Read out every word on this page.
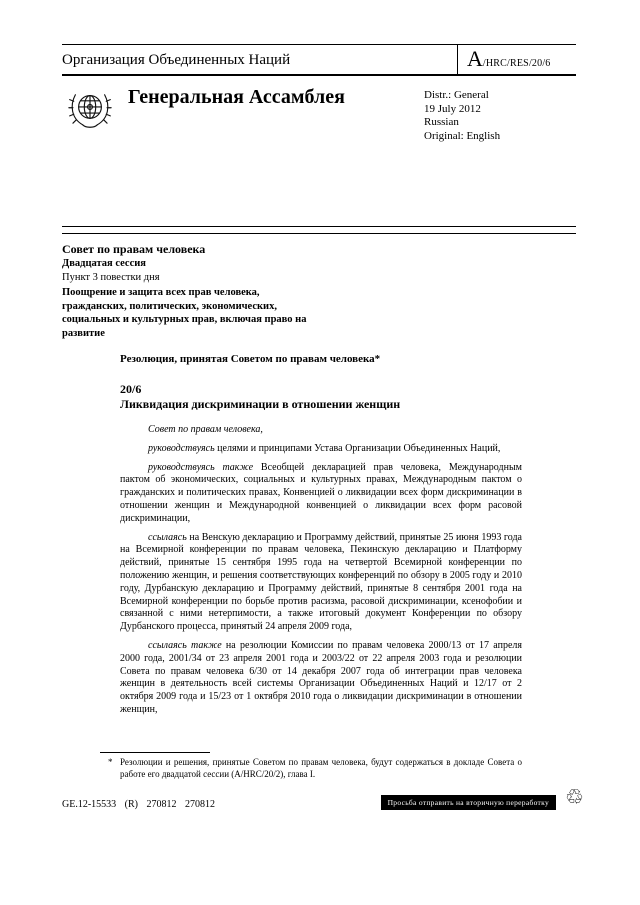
Организация Объединенных Наций	A /HRC/RES/20/6
Генеральная Ассамблея	Distr.: General
19 July 2012
Russian
Original: English
Совет по правам человека
Двадцатая сессия
Пункт 3 повестки дня
Поощрение и защита всех прав человека, гражданских, политических, экономических, социальных и культурных прав, включая право на развитие
Резолюция, принятая Советом по правам человека*
20/6
Ликвидация дискриминации в отношении женщин

Совет по правам человека,

руководствуясь целями и принципами Устава Организации Объединенных Наций,

руководствуясь также Всеобщей декларацией прав человека, Международным пактом об экономических, социальных и культурных правах, Международным пактом о гражданских и политических правах, Конвенцией о ликвидации всех форм дискриминации в отношении женщин и Международной конвенцией о ликвидации всех форм расовой дискриминации,

ссылаясь на Венскую декларацию и Программу действий, принятые 25 июня 1993 года на Всемирной конференции по правам человека, Пекинскую декларацию и Платформу действий, принятые 15 сентября 1995 года на четвертой Всемирной конференции по положению женщин, и решения соответствующих конференций по обзору в 2005 году и 2010 году, Дурбанскую декларацию и Программу действий, принятые 8 сентября 2001 года на Всемирной конференции по борьбе против расизма, расовой дискриминации, ксенофобии и связанной с ними нетерпимости, а также итоговый документ Конференции по обзору Дурбанского процесса, принятый 24 апреля 2009 года,

ссылаясь также на резолюции Комиссии по правам человека 2000/13 от 17 апреля 2000 года, 2001/34 от 23 апреля 2001 года и 2003/22 от 22 апреля 2003 года и резолюции Совета по правам человека 6/30 от 14 декабря 2007 года об интеграции прав человека женщин в деятельность всей системы Организации Объединенных Наций и 12/17 от 2 октября 2009 года и 15/23 от 1 октября 2010 года о ликвидации дискриминации в отношении женщин,

* Резолюции и решения, принятые Советом по правам человека, будут содержаться в докладе Совета о работе его двадцатой сессии (A/HRC/20/2), глава I.
GE.12-15533 (R) 270812 270812	Просьба отправить на вторичную переработку ♲
